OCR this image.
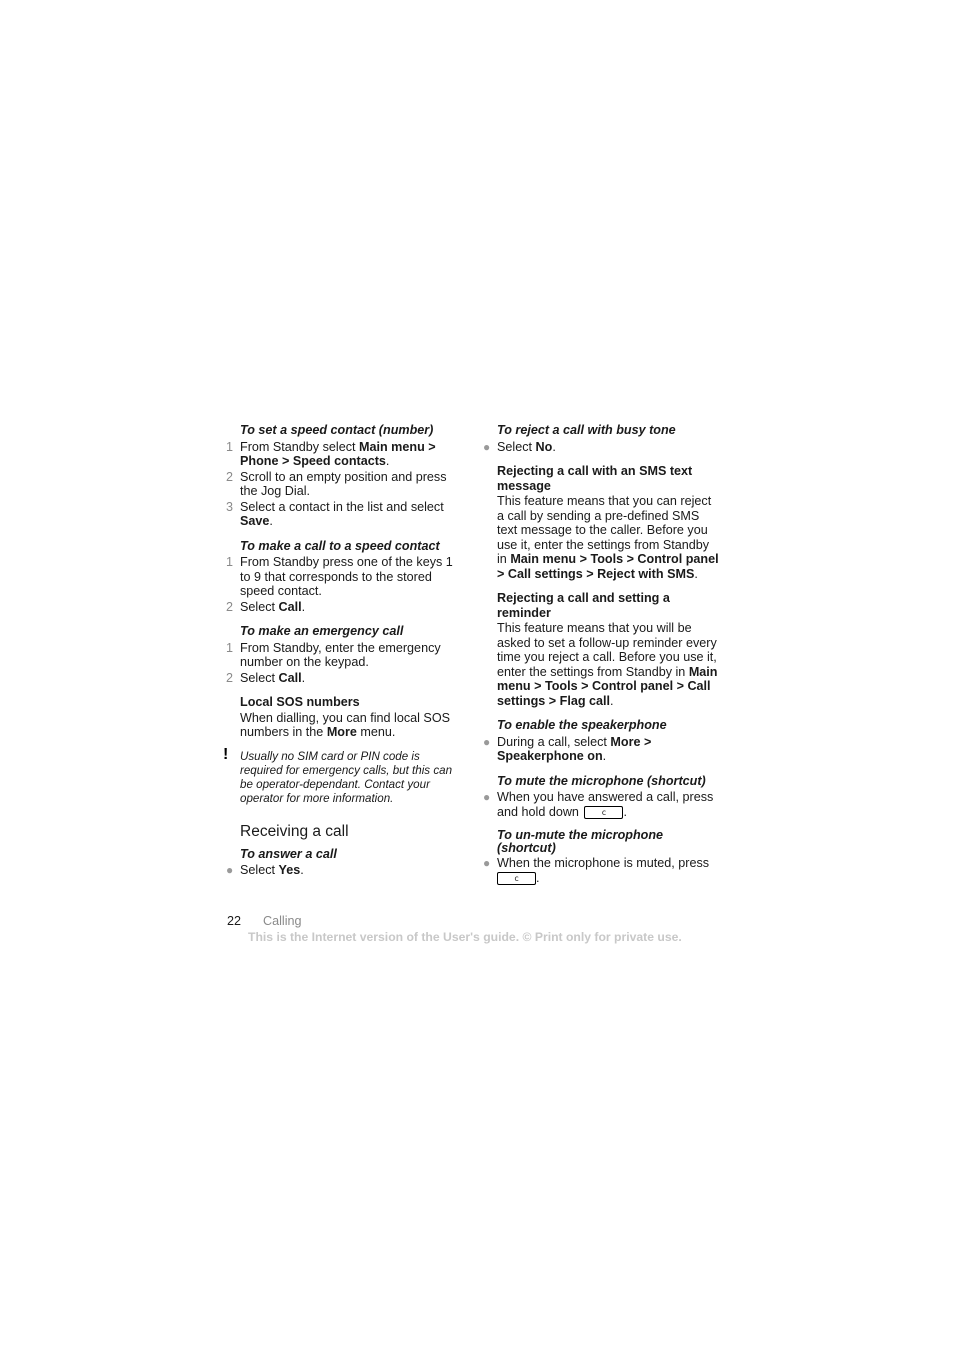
To set a speed contact (number)
1 From Standby select Main menu > Phone > Speed contacts.
2 Scroll to an empty position and press the Jog Dial.
3 Select a contact in the list and select Save.
To make a call to a speed contact
1 From Standby press one of the keys 1 to 9 that corresponds to the stored speed contact.
2 Select Call.
To make an emergency call
1 From Standby, enter the emergency number on the keypad.
2 Select Call.
Local SOS numbers
When dialling, you can find local SOS numbers in the More menu.
! Usually no SIM card or PIN code is required for emergency calls, but this can be operator-dependant. Contact your operator for more information.
Receiving a call
To answer a call
● Select Yes.
To reject a call with busy tone
● Select No.
Rejecting a call with an SMS text message
This feature means that you can reject a call by sending a pre-defined SMS text message to the caller. Before you use it, enter the settings from Standby in Main menu > Tools > Control panel > Call settings > Reject with SMS.
Rejecting a call and setting a reminder
This feature means that you will be asked to set a follow-up reminder every time you reject a call. Before you use it, enter the settings from Standby in Main menu > Tools > Control panel > Call settings > Flag call.
To enable the speakerphone
● During a call, select More > Speakerphone on.
To mute the microphone (shortcut)
● When you have answered a call, press and hold down c .
To un-mute the microphone (shortcut)
● When the microphone is muted, press c .
22 Calling
This is the Internet version of the User's guide. © Print only for private use.
